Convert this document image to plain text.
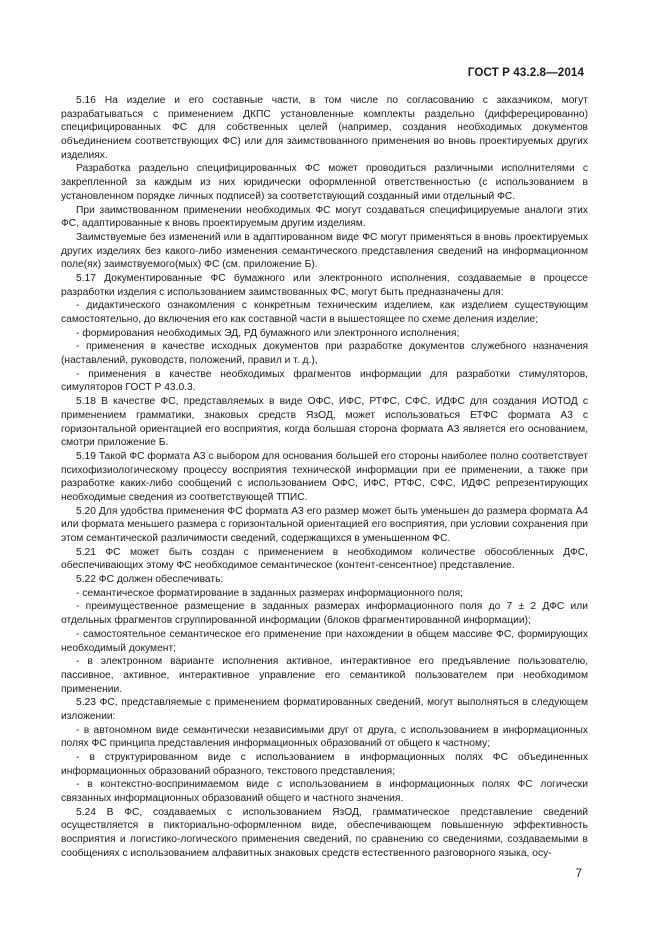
ГОСТ Р 43.2.8—2014

5.16 На изделие и его составные части, в том числе по согласованию с заказчиком, могут разрабатываться с применением ДКПС установленные комплекты раздельно (дифферецированно) специфицированных ФС для собственных целей (например, создания необходимых документов объединением соответствующих ФС) или для заимствованного применения во вновь проектируемых других изделиях.

Разработка раздельно специфицированных ФС может проводиться различными исполнителями с закрепленной за каждым из них юридически оформленной ответственностью (с использованием в установленном порядке личных подписей) за соответствующий созданный ими отдельный ФС.

При заимствованном применении необходимых ФС могут создаваться специфицируемые аналоги этих ФС, адаптированные к вновь проектируемым другим изделиям.

Заимствуемые без изменений или в адаптированном виде ФС могут применяться в вновь проектируемых других изделиях без какого-либо изменения семантического представления сведений на информационном поле(ях) заимствуемого(мых) ФС (см. приложение Б).

5.17 Документированные ФС бумажного или электронного исполнения, создаваемые в процессе разработки изделия с использованием заимствованных ФС, могут быть предназначены для:

- дидактического ознакомления с конкретным техническим изделием, как изделием существующим самостоятельно, до включения его как составной части в вышестоящее по схеме деления изделие;

- формирования необходимых ЭД, РД бумажного или электронного исполнения;

- применения в качестве исходных документов при разработке документов служебного назначения (наставлений, руководств, положений, правил и т. д.),

- применения в качестве необходимых фрагментов информации для разработки стимуляторов, симуляторов ГОСТ Р 43.0.3.

5.18 В качестве ФС, представляемых в виде ОФС, ИФС, РТФС, СФС, ИДФС для создания ИОТОД с применением грамматики, знаковых средств ЯзОД, может использоваться ЕТФС формата А3 с горизонтальной ориентацией его восприятия, когда большая сторона формата А3 является его основанием, смотри приложение Б.

5.19 Такой ФС формата А3 с выбором для основания большей его стороны наиболее полно соответствует психофизиологическому процессу восприятия технической информации при ее применении, а также при разработке каких-либо сообщений с использованием ОФС, ИФС, РТФС, СФС, ИДФС репрезентирующих необходимые сведения из соответствующей ТПИС.

5.20 Для удобства применения ФС формата А3 его размер может быть уменьшен до размера формата А4 или формата меньшего размера с горизонтальной ориентацией его восприятия, при условии сохранения при этом семантической различимости сведений, содержащихся в уменьшенном ФС.

5.21 ФС может быть создан с применением в необходимом количестве обособленных ДФС, обеспечивающих этому ФС необходимое семантическое (контент-сенсентное) представление.

5.22 ФС должен обеспечивать:

- семантическое форматирование в заданных размерах информационного поля;

- преимущественное размещение в заданных размерах информационного поля до 7 ± 2 ДФС или отдельных фрагментов сгруппированной информации (блоков фрагментированной информации);

- самостоятельное семантическое его применение при нахождении в общем массиве ФС, формирующих необходимый документ;

- в электронном варианте исполнения активное, интерактивное его предъявление пользователю, пассивное, активное, интерактивное управление его семантикой пользователем при необходимом применении.

5.23 ФС, представляемые с применением форматированных сведений, могут выполняться в следующем изложении:

- в автономном виде семантически независимыми друг от друга, с использованием в информационных полях ФС принципа представления информационных образований от общего к частному;

- в структурированном виде с использованием в информационных полях ФС объединенных информационных образований образного, текстового представления;

- в контекстно-воспринимаемом виде с использованием в информационных полях ФС логически связанных информационных образований общего и частного значения.

5.24 В ФС, создаваемых с использованием ЯзОД, грамматическое представление сведений осуществляется в пикториально-оформленном виде, обеспечивающем повышенную эффективность восприятия и логистико-логического применения сведений, по сравнению со сведениями, создаваемыми в сообщениях с использованием алфавитных знаковых средств естественного разговорного языка, осу-

7
